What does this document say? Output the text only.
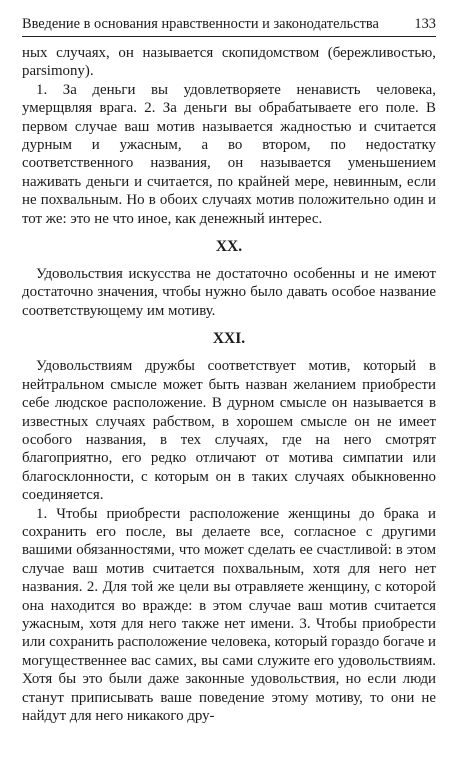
Введение в основания нравственности и законодательства 133

ных случаях, он называется скопидомством (бережливостью, parsimony).

1. За деньги вы удовлетворяете ненависть человека, умерщвляя врага. 2. За деньги вы обрабатываете его поле. В первом случае ваш мотив называется жадностью и считается дурным и ужасным, а во втором, по недостатку соответственного названия, он называется уменьшением наживать деньги и считается, по крайней мере, невинным, если не похвальным. Но в обоих случаях мотив положительно один и тот же: это не что иное, как денежный интерес.

XX.

Удовольствия искусства не достаточно особенны и не имеют достаточно значения, чтобы нужно было давать особое название соответствующему им мотиву.

XXI.

Удовольствиям дружбы соответствует мотив, который в нейтральном смысле может быть назван желанием приобрести себе людское расположение. В дурном смысле он называется в известных случаях рабством, в хорошем смысле он не имеет особого названия, в тех случаях, где на него смотрят благоприятно, его редко отличают от мотива симпатии или благосклонности, с которым он в таких случаях обыкновенно соединяется.

1. Чтобы приобрести расположение женщины до брака и сохранить его после, вы делаете все, согласное с другими вашими обязанностями, что может сделать ее счастливой: в этом случае ваш мотив считается похвальным, хотя для него нет названия. 2. Для той же цели вы отравляете женщину, с которой она находится во вражде: в этом случае ваш мотив считается ужасным, хотя для него также нет имени. 3. Чтобы приобрести или сохранить расположение человека, который гораздо богаче и могущественнее вас самих, вы сами служите его удовольствиям. Хотя бы это были даже законные удовольствия, но если люди станут приписывать ваше поведение этому мотиву, то они не найдут для него никакого дру-
